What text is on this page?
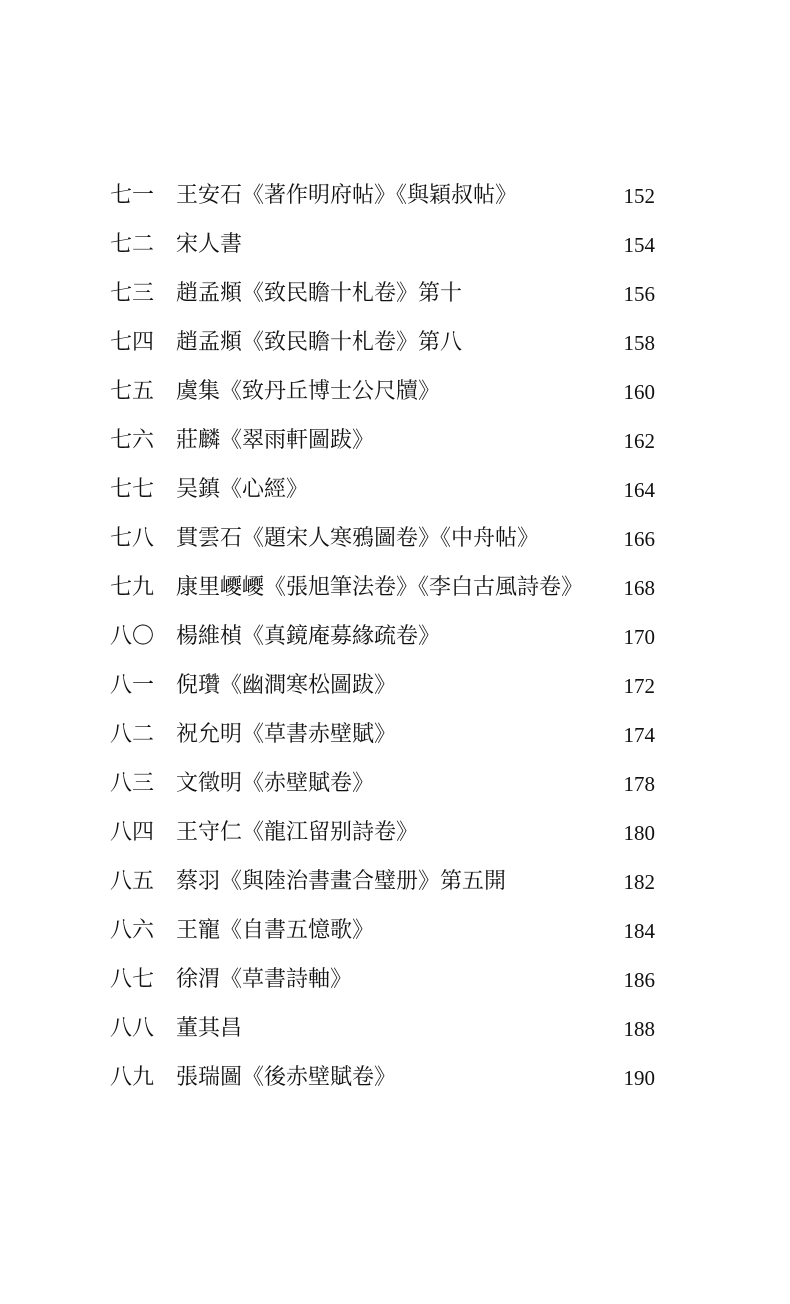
七一 王安石《著作明府帖》《與穎叔帖》	152
七二 宋人書	154
七三 趙孟頫《致民瞻十札卷》第十	156
七四 趙孟頫《致民瞻十札卷》第八	158
七五 虞集《致丹丘博士公尺牘》	160
七六 莊麟《翠雨軒圖跋》	162
七七 吴鎮《心經》	164
七八 貫雲石《題宋人寒鴉圖卷》《中舟帖》	166
七九 康里巎巎《張旭筆法卷》《李白古風詩卷》 168
八〇 楊維楨《真鏡庵募緣疏卷》	170
八一 倪瓚《幽澗寒松圖跋》	172
八二 祝允明《草書赤壁賦》	174
八三 文徵明《赤壁賦卷》	178
八四 王守仁《龍江留别詩卷》	180
八五 蔡羽《與陸治書畫合璧册》第五開	182
八六 王寵《自書五憶歌》	184
八七 徐渭《草書詩軸》	186
八八 董其昌	188
八九 張瑞圖《後赤壁賦卷》	190
